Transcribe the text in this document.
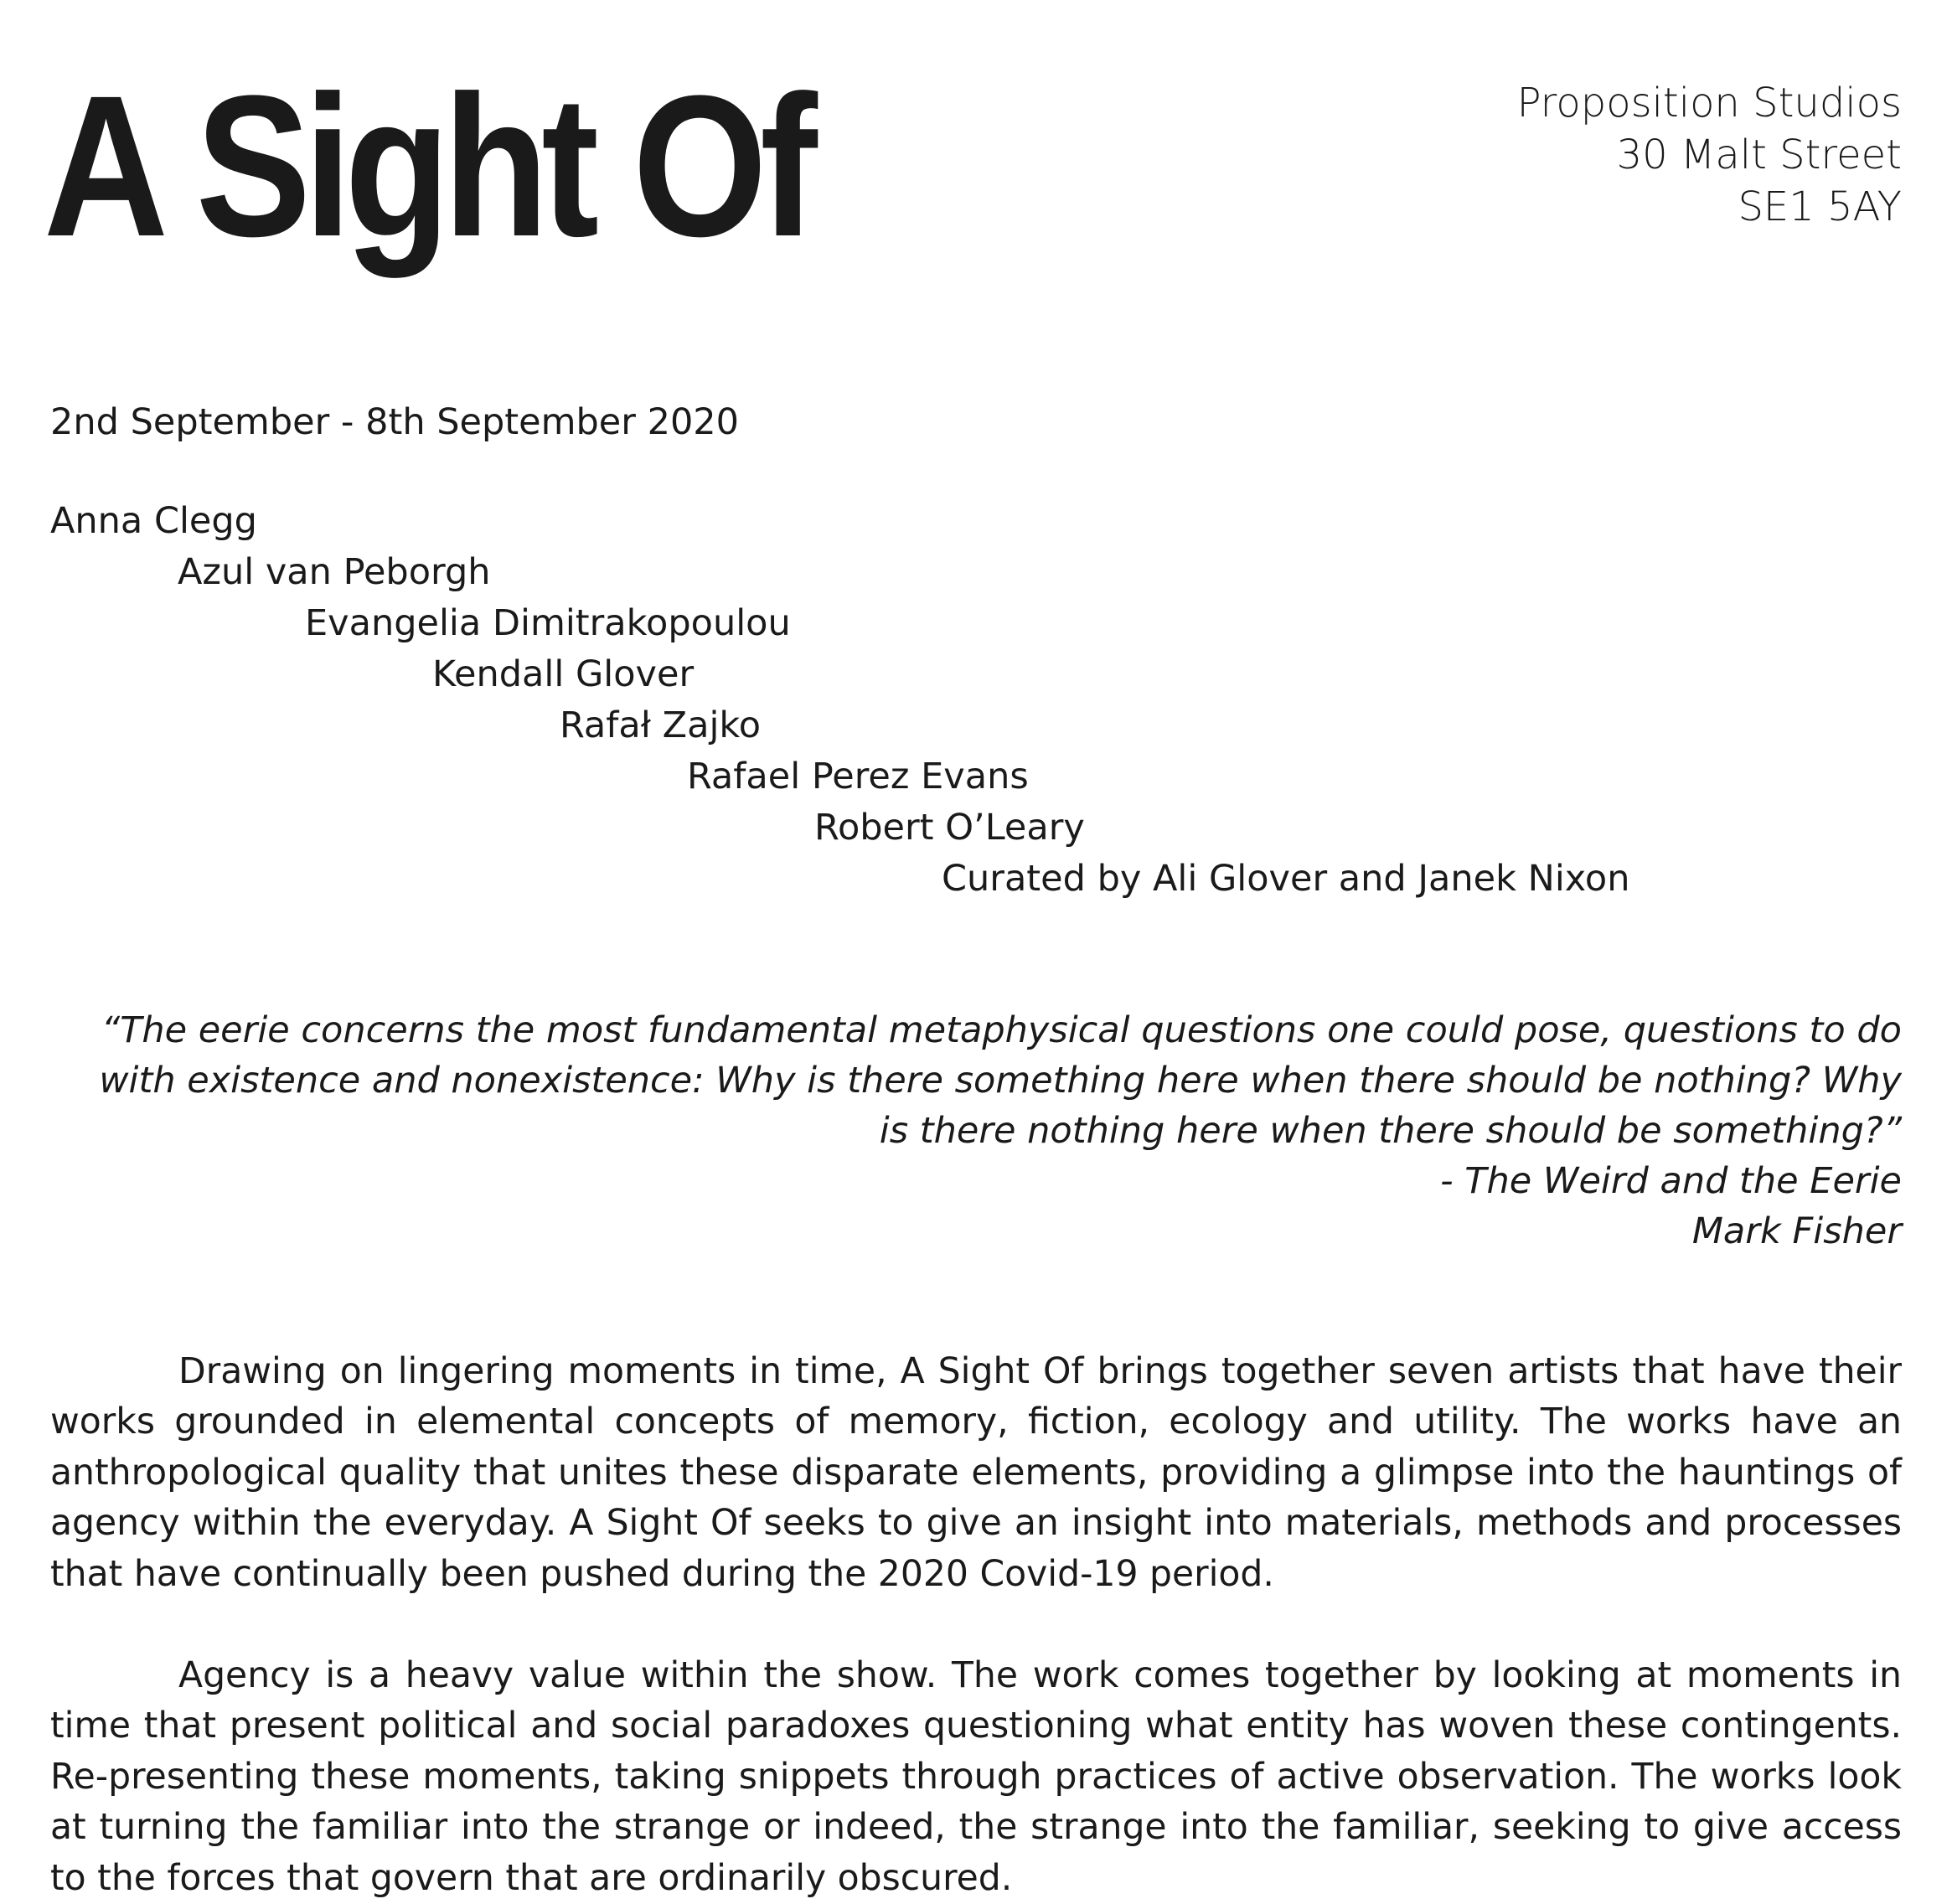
A Sight Of	Proposition Studios
30 Malt Street
SE1 5AY
2nd September - 8th September 2020
Anna Clegg
Azul van Peborgh
Evangelia Dimitrakopoulou
Kendall Glover
Rafał Zajko
Rafael Perez Evans
Robert O’Leary
Curated by Ali Glover and Janek Nixon
“The eerie concerns the most fundamental metaphysical questions one could pose, questions to do with existence and nonexistence: Why is there something here when there should be nothing? Why is there nothing here when there should be something?”
- The Weird and the Eerie
Mark Fisher

Drawing on lingering moments in time, A Sight Of brings together seven artists that have their works grounded in elemental concepts of memory, fiction, ecology and utility. The works have an anthropological quality that unites these disparate elements, providing a glimpse into the hauntings of agency within the everyday. A Sight Of seeks to give an insight into materials, methods and processes that have continually been pushed during the 2020 Covid-19 period.

Agency is a heavy value within the show. The work comes together by looking at moments in time that present political and social paradoxes questioning what entity has woven these contingents. Re-presenting these moments, taking snippets through practices of active observation. The works look at turning the familiar into the strange or indeed, the strange into the familiar, seeking to give access to the forces that govern that are ordinarily obscured.
